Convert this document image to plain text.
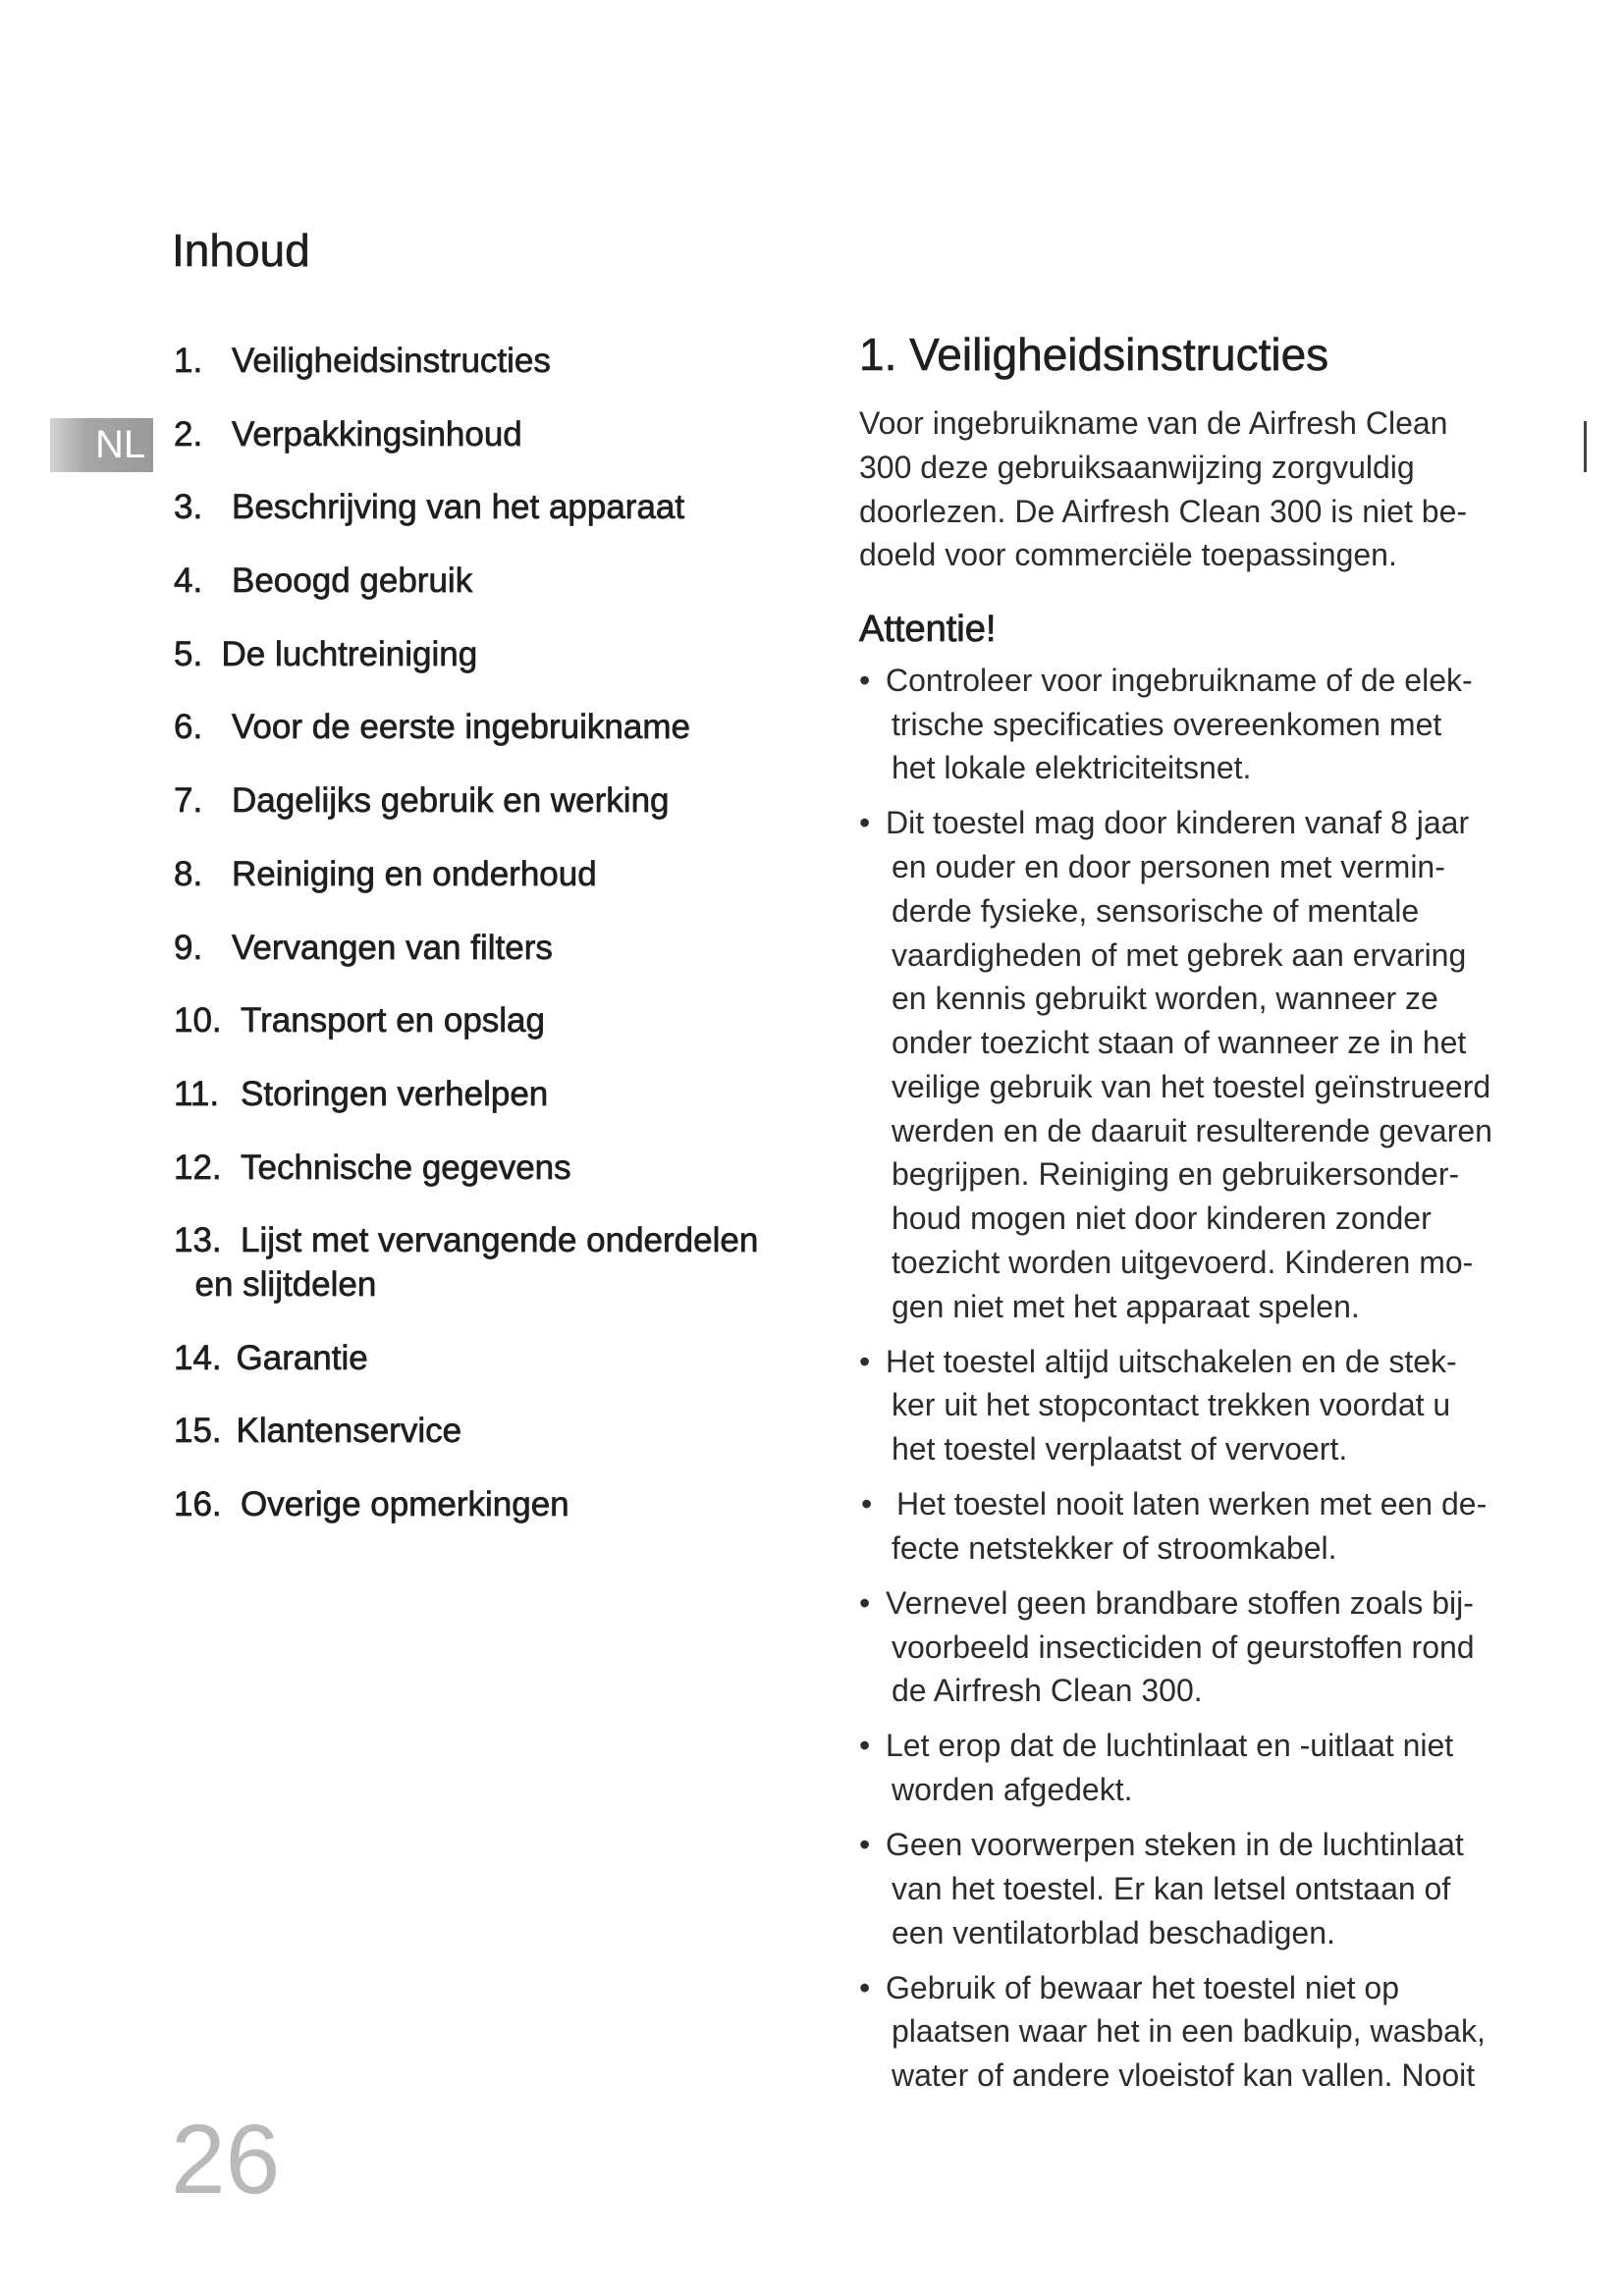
NL
Inhoud
1. Veiligheidsinstructies
2. Verpakkingsinhoud
3. Beschrijving van het apparaat
4. Beoogd gebruik
5. De luchtreiniging
6. Voor de eerste ingebruikname
7. Dagelijks gebruik en werking
8. Reiniging en onderhoud
9. Vervangen van filters
10. Transport en opslag
11. Storingen verhelpen
12. Technische gegevens
13. Lijst met vervangende onderdelen
en slijtdelen
14. Garantie
15. Klantenservice
16. Overige opmerkingen
1. Veiligheidsinstructies
Voor ingebruikname van de Airfresh Clean
300 deze gebruiksaanwijzing zorgvuldig
doorlezen. De Airfresh Clean 300 is niet be-
doeld voor commerciële toepassingen.
Attentie!
• Controleer voor ingebruikname of de elek-
trische specificaties overeenkomen met
het lokale elektriciteitsnet.
• Dit toestel mag door kinderen vanaf 8 jaar
en ouder en door personen met vermin-
derde fysieke, sensorische of mentale
vaardigheden of met gebrek aan ervaring
en kennis gebruikt worden, wanneer ze
onder toezicht staan of wanneer ze in het
veilige gebruik van het toestel geïnstrueerd
werden en de daaruit resulterende gevaren
begrijpen. Reiniging en gebruikersonder-
houd mogen niet door kinderen zonder
toezicht worden uitgevoerd. Kinderen mo-
gen niet met het apparaat spelen.
• Het toestel altijd uitschakelen en de stek-
ker uit het stopcontact trekken voordat u
het toestel verplaatst of vervoert.
• Het toestel nooit laten werken met een de-
fecte netstekker of stroomkabel.
• Vernevel geen brandbare stoffen zoals bij-
voorbeeld insecticiden of geurstoffen rond
de Airfresh Clean 300.
• Let erop dat de luchtinlaat en -uitlaat niet
worden afgedekt.
• Geen voorwerpen steken in de luchtinlaat
van het toestel. Er kan letsel ontstaan of
een ventilatorblad beschadigen.
• Gebruik of bewaar het toestel niet op
plaatsen waar het in een badkuip, wasbak,
water of andere vloeistof kan vallen. Nooit
26
